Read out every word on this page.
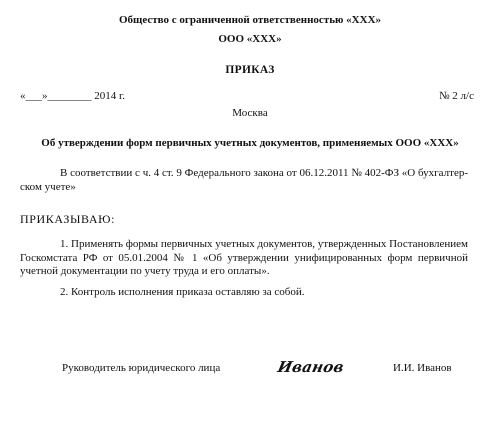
Общество с ограниченной ответственностью «ХХХ»
ООО «ХХХ»
ПРИКАЗ
«___»________ 2014 г.	№ 2 л/с
Москва
Об утверждении форм первичных учетных документов, применяемых ООО «ХХХ»
В соответствии с ч. 4 ст. 9 Федерального закона от 06.12.2011 № 402-ФЗ «О бухгалтер-ском учете»
ПРИКАЗЫВАЮ:
1. Применять формы первичных учетных документов, утвержденных Постановлением Госкомстата РФ от 05.01.2004 № 1 «Об утверждении унифицированных форм первичной учетной документации по учету труда и его оплаты».
2. Контроль исполнения приказа оставляю за собой.
Руководитель юридического лица	Иванов	И.И. Иванов
